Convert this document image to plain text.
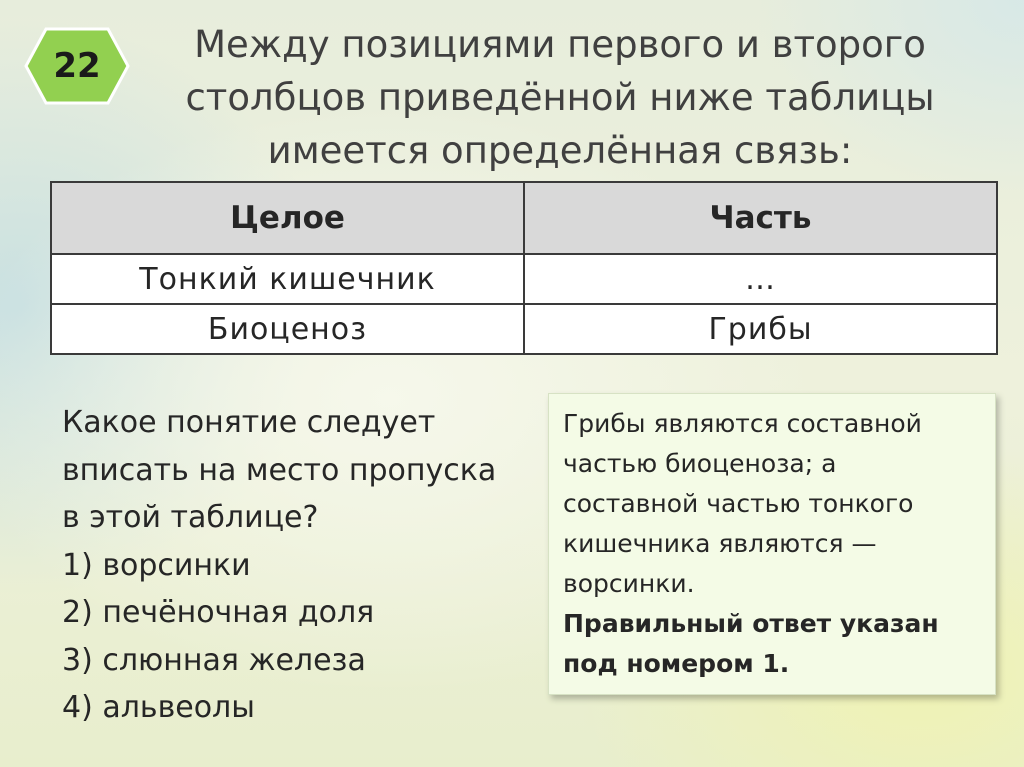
22	Между позициями первого и второго
столбцов приведённой ниже таблицы
имеется определённая связь:
Целое	Часть
Тонкий кишечник	…
Биоценоз	Грибы
Какое понятие следует
вписать на место пропуска
в этой таблице?
1) ворсинки
2) печёночная доля
3) слюнная железа
4) альвеолы
Грибы являются составной
частью биоценоза; а
составной частью тонкого
кишечника являются —
ворсинки.
Правильный ответ указан
под номером 1.
